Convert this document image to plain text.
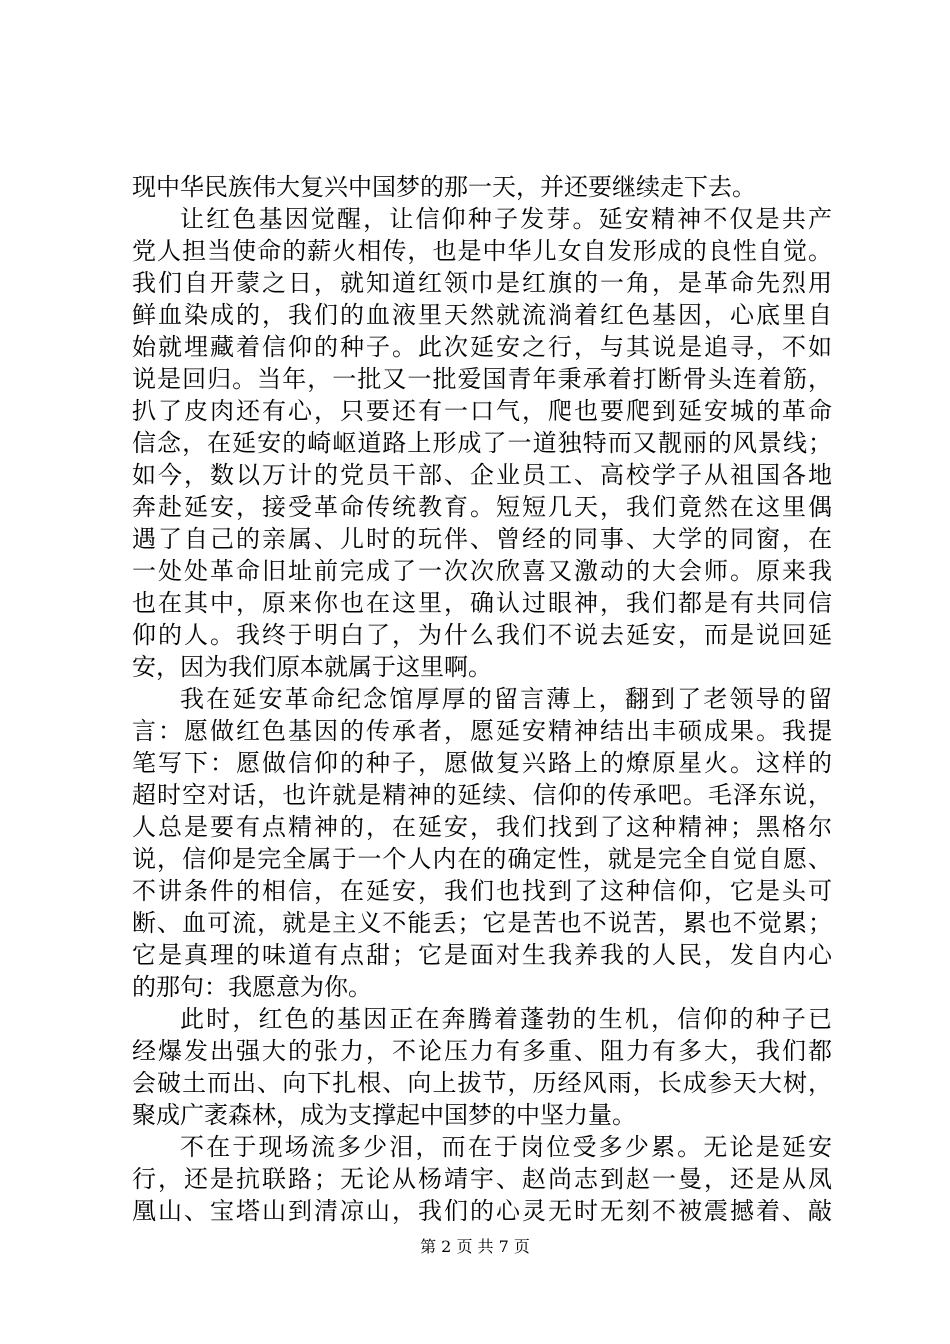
现中华民族伟大复兴中国梦的那一天，并还要继续走下去。
让红色基因觉醒，让信仰种子发芽。延安精神不仅是共产
党人担当使命的薪火相传，也是中华儿女自发形成的良性自觉。
我们自开蒙之日，就知道红领巾是红旗的一角，是革命先烈用
鲜血染成的，我们的血液里天然就流淌着红色基因，心底里自
始就埋藏着信仰的种子。此次延安之行，与其说是追寻，不如
说是回归。当年，一批又一批爱国青年秉承着打断骨头连着筋，
扒了皮肉还有心，只要还有一口气，爬也要爬到延安城的革命
信念，在延安的崎岖道路上形成了一道独特而又靓丽的风景线；
如今，数以万计的党员干部、企业员工、高校学子从祖国各地
奔赴延安，接受革命传统教育。短短几天，我们竟然在这里偶
遇了自己的亲属、儿时的玩伴、曾经的同事、大学的同窗，在
一处处革命旧址前完成了一次次欣喜又激动的大会师。原来我
也在其中，原来你也在这里，确认过眼神，我们都是有共同信
仰的人。我终于明白了，为什么我们不说去延安，而是说回延
安，因为我们原本就属于这里啊。
我在延安革命纪念馆厚厚的留言薄上，翻到了老领导的留
言：愿做红色基因的传承者，愿延安精神结出丰硕成果。我提
笔写下：愿做信仰的种子，愿做复兴路上的燎原星火。这样的
超时空对话，也许就是精神的延续、信仰的传承吧。毛泽东说，
人总是要有点精神的，在延安，我们找到了这种精神；黑格尔
说，信仰是完全属于一个人内在的确定性，就是完全自觉自愿、
不讲条件的相信，在延安，我们也找到了这种信仰，它是头可
断、血可流，就是主义不能丢；它是苦也不说苦，累也不觉累；
它是真理的味道有点甜；它是面对生我养我的人民，发自内心
的那句：我愿意为你。
此时，红色的基因正在奔腾着蓬勃的生机，信仰的种子已
经爆发出强大的张力，不论压力有多重、阻力有多大，我们都
会破土而出、向下扎根、向上拔节，历经风雨，长成参天大树，
聚成广袤森林，成为支撑起中国梦的中坚力量。
不在于现场流多少泪，而在于岗位受多少累。无论是延安
行，还是抗联路；无论从杨靖宇、赵尚志到赵一曼，还是从凤
凰山、宝塔山到清凉山，我们的心灵无时无刻不被震撼着、敲
第 2 页 共 7 页
